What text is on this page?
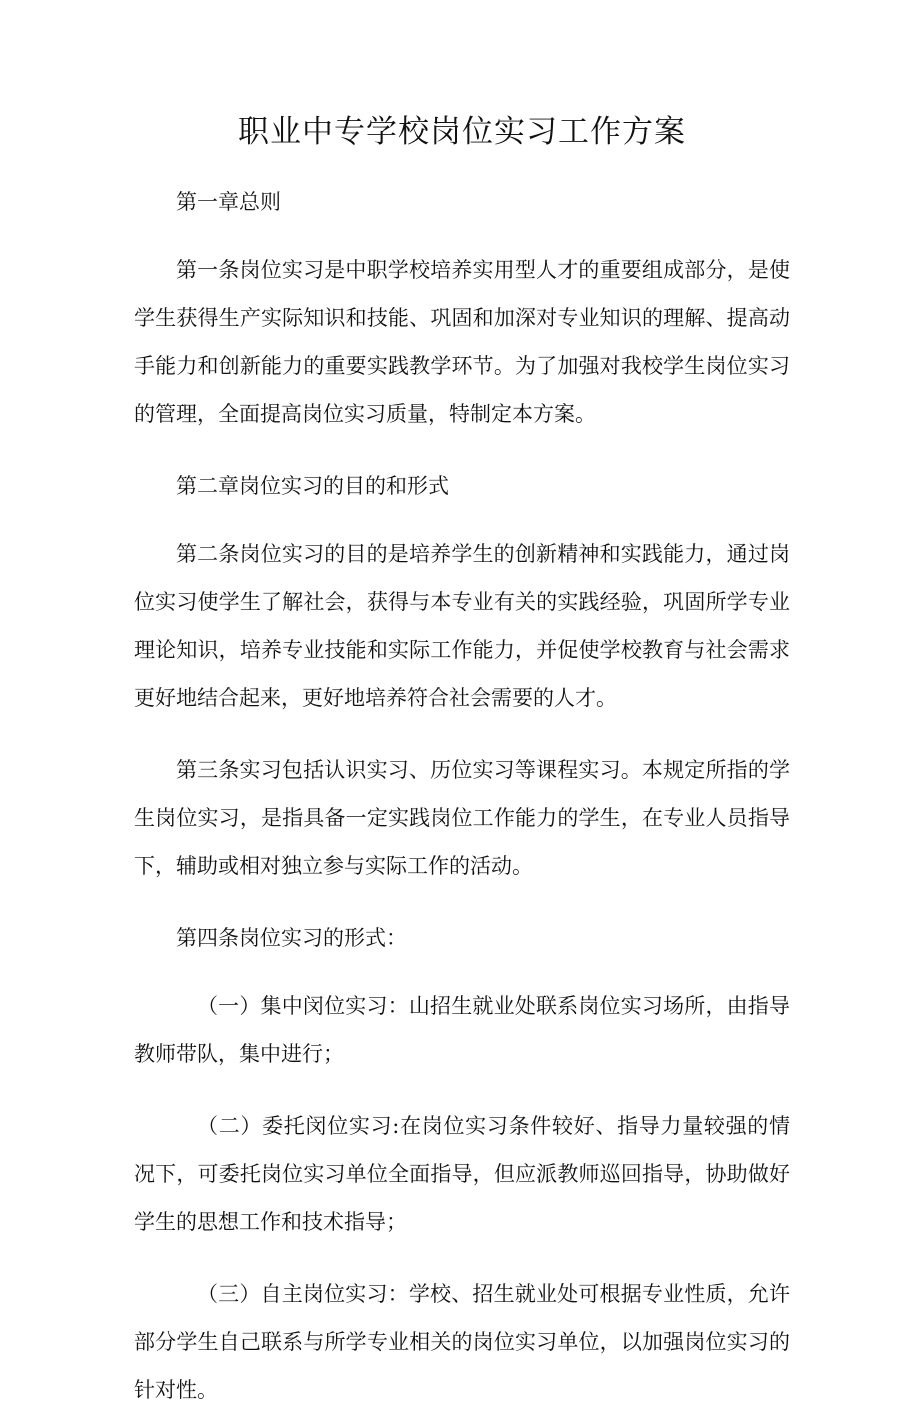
职业中专学校岗位实习工作方案

第一章总则

第一条岗位实习是中职学校培养实用型人才的重要组成部分，是使学生获得生产实际知识和技能、巩固和加深对专业知识的理解、提高动手能力和创新能力的重要实践教学环节。为了加强对我校学生岗位实习的管理，全面提高岗位实习质量，特制定本方案。

第二章岗位实习的目的和形式

第二条岗位实习的目的是培养学生的创新精神和实践能力，通过岗位实习使学生了解社会，获得与本专业有关的实践经验，巩固所学专业理论知识，培养专业技能和实际工作能力，并促使学校教育与社会需求更好地结合起来，更好地培养符合社会需要的人才。

第三条实习包括认识实习、历位实习等课程实习。本规定所指的学生岗位实习，是指具备一定实践岗位工作能力的学生，在专业人员指导下，辅助或相对独立参与实际工作的活动。

第四条岗位实习的形式：

（一）集中闵位实习：山招生就业处联系岗位实习场所，由指导教师带队，集中进行；

（二）委托闵位实习:在岗位实习条件较好、指导力量较强的情况下，可委托岗位实习单位全面指导，但应派教师巡回指导，协助做好学生的思想工作和技术指导；

（三）自主岗位实习：学校、招生就业处可根据专业性质，允许部分学生自己联系与所学专业相关的岗位实习单位，以加强岗位实习的针对性。
